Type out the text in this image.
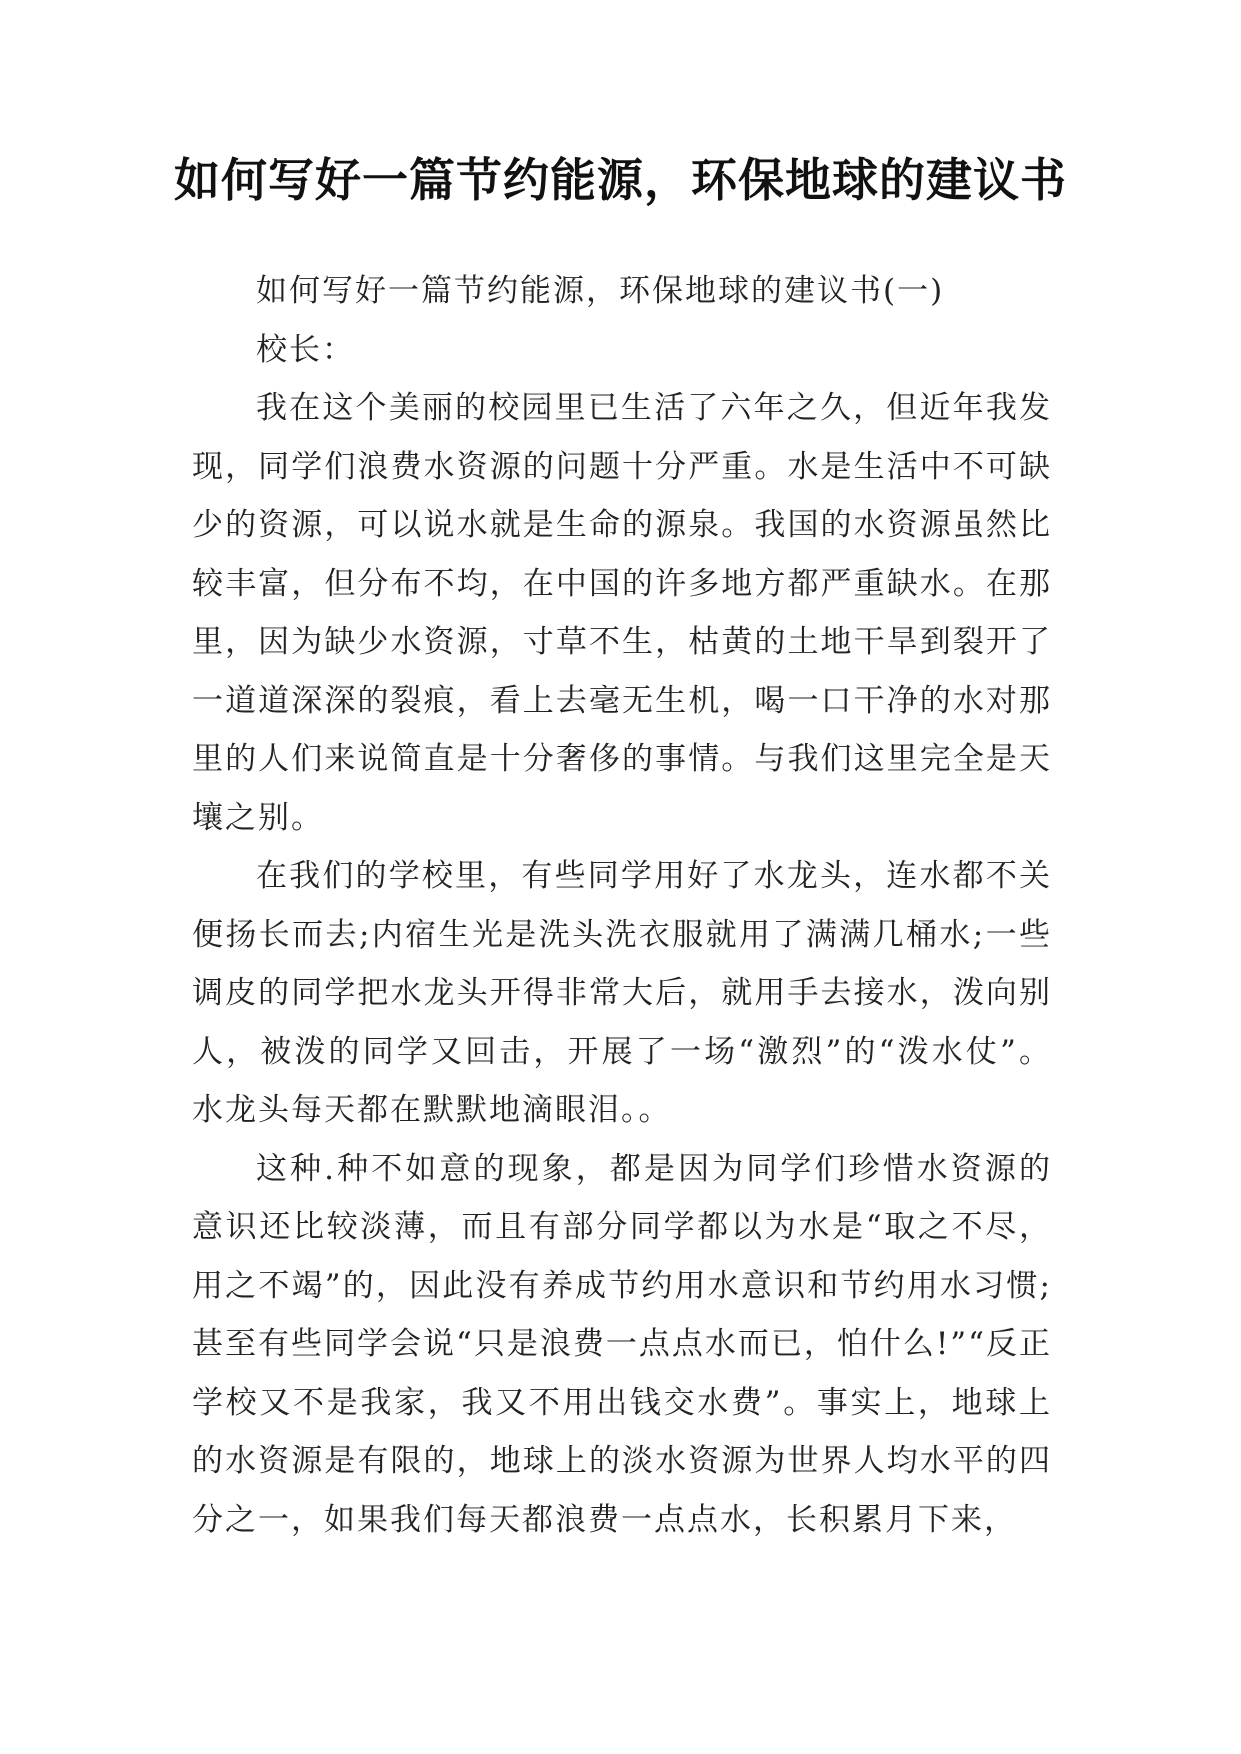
如何写好一篇节约能源，环保地球的建议书

如何写好一篇节约能源，环保地球的建议书(一)

校长：

我在这个美丽的校园里已生活了六年之久，但近年我发现，同学们浪费水资源的问题十分严重。水是生活中不可缺少的资源，可以说水就是生命的源泉。我国的水资源虽然比较丰富，但分布不均，在中国的许多地方都严重缺水。在那里，因为缺少水资源，寸草不生，枯黄的土地干旱到裂开了一道道深深的裂痕，看上去毫无生机，喝一口干净的水对那里的人们来说简直是十分奢侈的事情。与我们这里完全是天壤之别。

在我们的学校里，有些同学用好了水龙头，连水都不关便扬长而去;内宿生光是洗头洗衣服就用了满满几桶水;一些调皮的同学把水龙头开得非常大后，就用手去接水，泼向别人，被泼的同学又回击，开展了一场“激烈”的“泼水仗”。水龙头每天都在默默地滴眼泪。。

这种.种不如意的现象，都是因为同学们珍惜水资源的意识还比较淡薄，而且有部分同学都以为水是“取之不尽，用之不竭”的，因此没有养成节约用水意识和节约用水习惯;甚至有些同学会说“只是浪费一点点水而已，怕什么!”“反正学校又不是我家，我又不用出钱交水费”。事实上，地球上的水资源是有限的，地球上的淡水资源为世界人均水平的四分之一，如果我们每天都浪费一点点水，长积累月下来，
